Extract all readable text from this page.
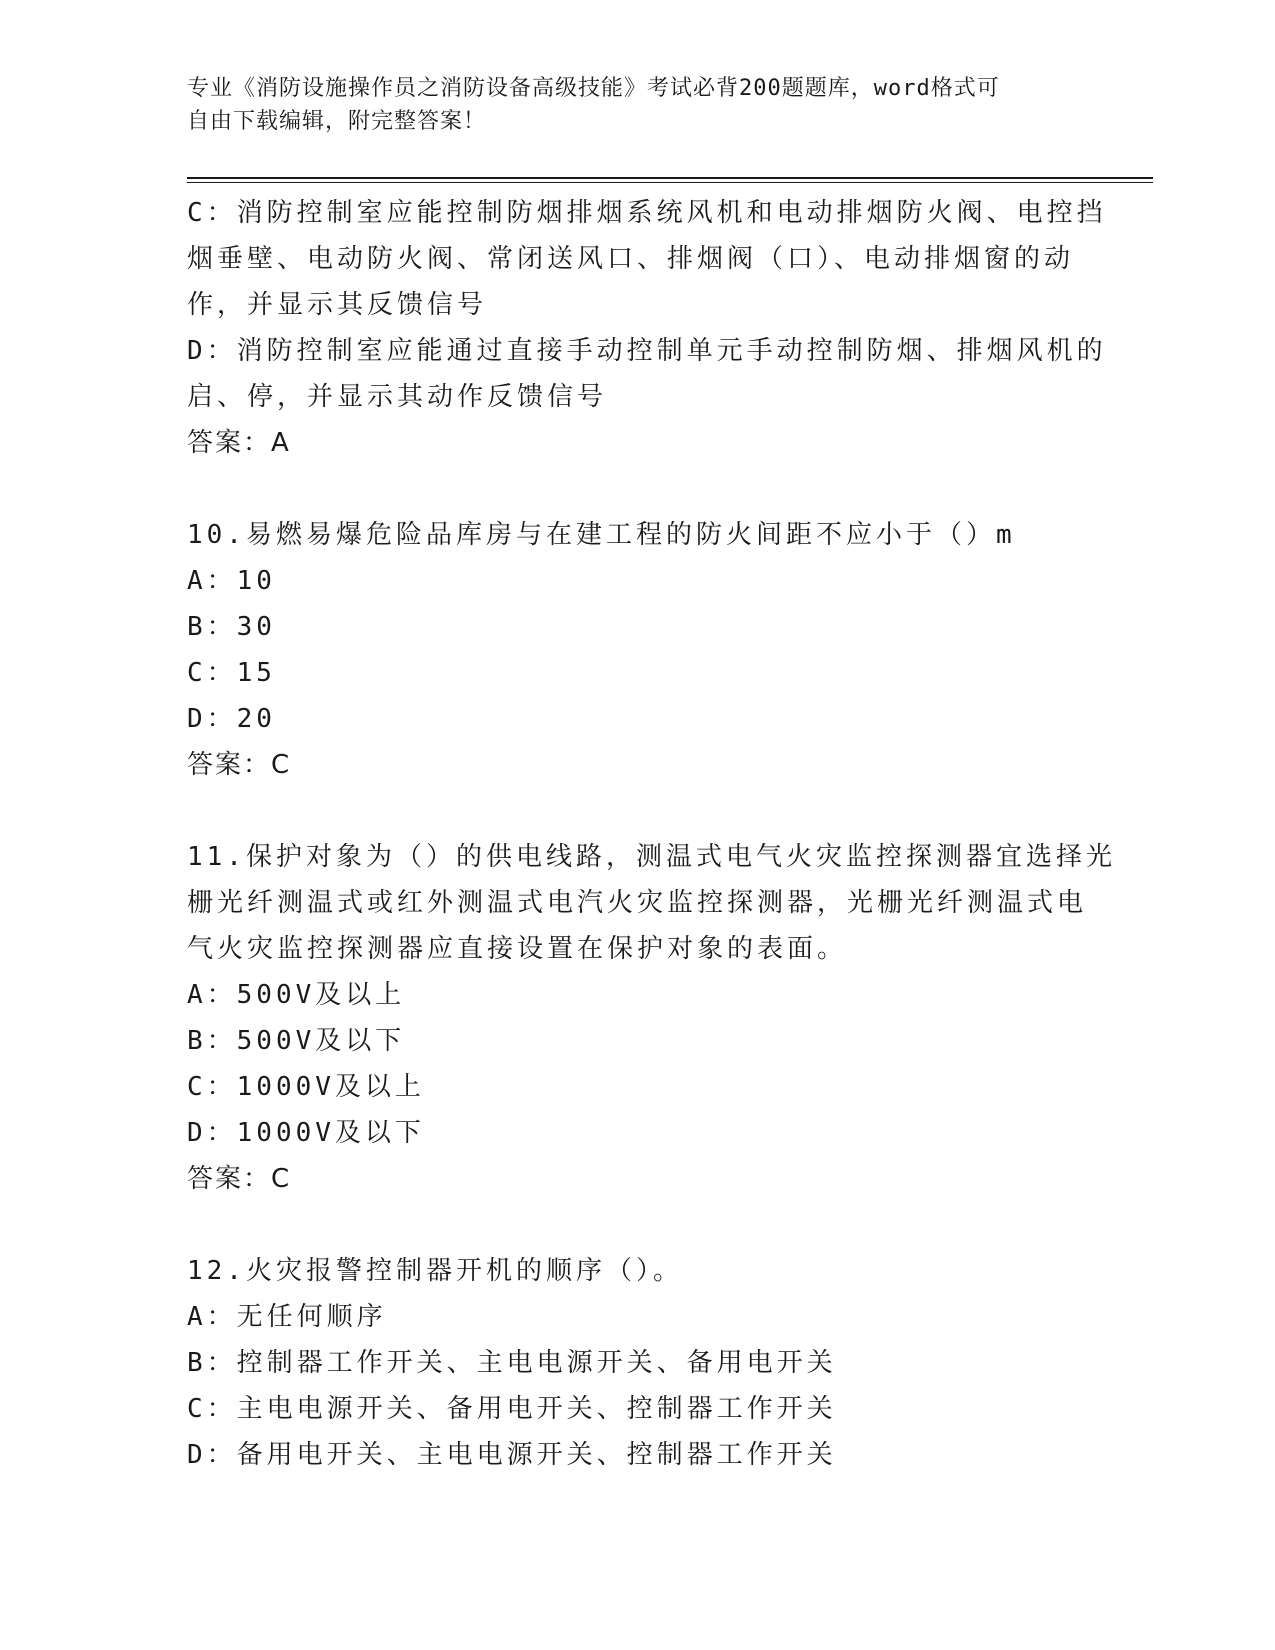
专业《消防设施操作员之消防设备高级技能》考试必背200题题库，word格式可
自由下载编辑，附完整答案！
C：消防控制室应能控制防烟排烟系统风机和电动排烟防火阀、电控挡
烟垂壁、电动防火阀、常闭送风口、排烟阀（口）、电动排烟窗的动
作，并显示其反馈信号
D：消防控制室应能通过直接手动控制单元手动控制防烟、排烟风机的
启、停，并显示其动作反馈信号
答案：A
10.易燃易爆危险品库房与在建工程的防火间距不应小于（）m
A：10
B：30
C：15
D：20
答案：C
11.保护对象为（）的供电线路，测温式电气火灾监控探测器宜选择光
栅光纤测温式或红外测温式电汽火灾监控探测器，光栅光纤测温式电
气火灾监控探测器应直接设置在保护对象的表面。
A：500V及以上
B：500V及以下
C：1000V及以上
D：1000V及以下
答案：C
12.火灾报警控制器开机的顺序（）。
A：无任何顺序
B：控制器工作开关、主电电源开关、备用电开关
C：主电电源开关、备用电开关、控制器工作开关
D：备用电开关、主电电源开关、控制器工作开关
